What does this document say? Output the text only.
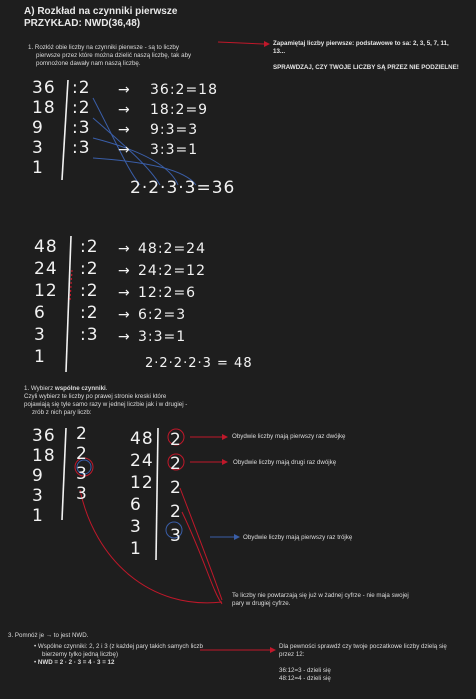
A) Rozkład na czynniki pierwsze
PRZYKŁAD: NWD(36,48)
1. Rozłóż obie liczby na czynniki pierwsze - są to liczby
pierwsze przez które można dzielić naszą liczbę, tak aby
pomnożone dawały nam naszą liczbę.
Zapamiętaj liczby pierwsze: podstawowe to sa: 2, 3, 5, 7, 11,
13...
SPRAWDZAJ, CZY TWOJE LICZBY SĄ PRZEZ NIE PODZIELNE!
36
18
9
3
1
:2
:2
:3
:3
→
→
→
→
36:2=18
18:2=9
9:3=3
3:3=1
2·2·3·3=36
48
24
12
6
3
1
:2
:2
:2
:2
:3
→
→
→
→
→
48:2=24
24:2=12
12:2=6
6:2=3
3:3=1
2·2·2·2·3 = 48
1. Wybierz wspólne czynniki.
Czyli wybierz te liczby po prawej stronie kreski które
pojawiają się tyle samo razy w jednej liczbie jak i w drugiej -
zrób z nich pary liczb:
36
18
9
3
1
2
2
3
3
48
24
12
6
3
1
2
2
2
2
3
Obydwie liczby mają pierwszy raz dwójkę
Obydwie liczby mają drugi raz dwójkę
Obydwie liczby mają pierwszy raz trójkę
Te liczby nie powtarzają się już w żadnej cyfrze - nie maja swojej
pary w drugiej cyfrze.
3. Pomnóż je → to jest NWD.
• Wspólne czynniki: 2, 2 i 3 (z każdej pary takich samych liczb
bierzemy tylko jedną liczbę)
• NWD = 2 · 2 · 3 = 4 · 3 = 12
Dla pewności sprawdź czy twoje poczatkowe liczby dzielą się
przez 12:
36:12=3 - dzieli się
48:12=4 - dzieli się
